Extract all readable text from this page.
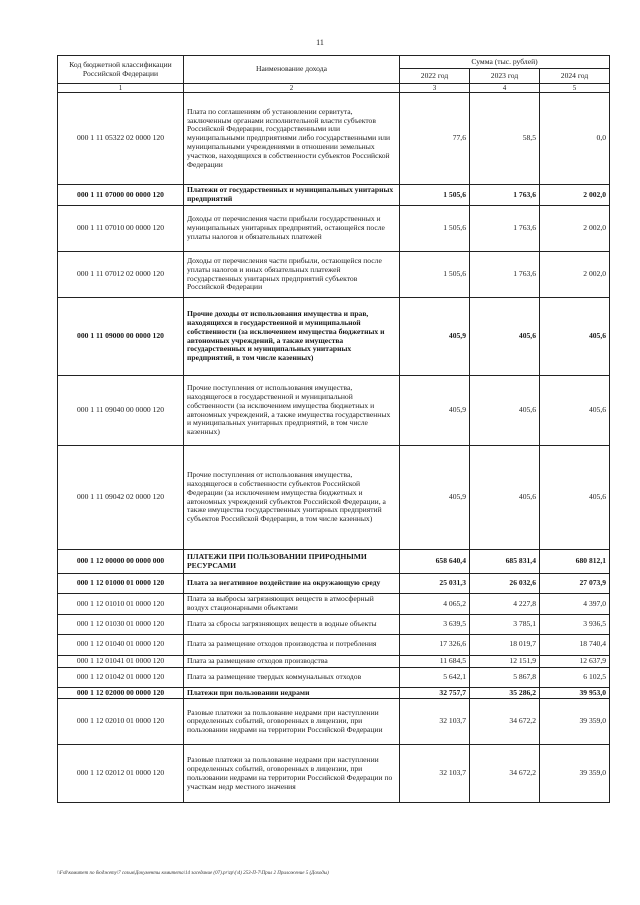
11
Код бюджетной классификации Российской Федерации	Наименование дохода	Сумма (тыс. рублей)		
		2022 год	2023 год	2024 год
1	2	3	4	5
000 1 11 05322 02 0000 120	Плата по соглашениям об установлении сервитута, заключенным органами исполнительной власти субъектов Российской Федерации, государственными или муниципальными предприятиями либо государственными или муниципальными учреждениями в отношении земельных участков, находящихся в собственности субъектов Российской Федерации	77,6	58,5	0,0
000 1 11 07000 00 0000 120	Платежи от государственных и муниципальных унитарных предприятий	1 505,6	1 763,6	2 002,0
000 1 11 07010 00 0000 120	Доходы от перечисления части прибыли государственных и муниципальных унитарных предприятий, остающейся после уплаты налогов и обязательных платежей	1 505,6	1 763,6	2 002,0
000 1 11 07012 02 0000 120	Доходы от перечисления части прибыли, остающейся после уплаты налогов и иных обязательных платежей государственных унитарных предприятий субъектов Российской Федерации	1 505,6	1 763,6	2 002,0
000 1 11 09000 00 0000 120	Прочие доходы от использования имущества и прав, находящихся в государственной и муниципальной собственности (за исключением имущества бюджетных и автономных учреждений, а также имущества государственных и муниципальных унитарных предприятий, в том числе казенных)	405,9	405,6	405,6
000 1 11 09040 00 0000 120	Прочие поступления от использования имущества, находящегося в государственной и муниципальной собственности (за исключением имущества бюджетных и автономных учреждений, а также имущества государственных и муниципальных унитарных предприятий, в том числе казенных)	405,9	405,6	405,6
000 1 11 09042 02 0000 120	Прочие поступления от использования имущества, находящегося в собственности субъектов Российской Федерации (за исключением имущества бюджетных и автономных учреждений субъектов Российской Федерации, а также имущества государственных унитарных предприятий субъектов Российской Федерации, в том числе казенных)	405,9	405,6	405,6
000 1 12 00000 00 0000 000	ПЛАТЕЖИ ПРИ ПОЛЬЗОВАНИИ ПРИРОДНЫМИ РЕСУРСАМИ	658 640,4	685 831,4	680 812,1
000 1 12 01000 01 0000 120	Плата за негативное воздействие на окружающую среду	25 031,3	26 032,6	27 073,9
000 1 12 01010 01 0000 120	Плата за выбросы загрязняющих веществ в атмосферный воздух стационарными объектами	4 065,2	4 227,8	4 397,0
000 1 12 01030 01 0000 120	Плата за сбросы загрязняющих веществ в водные объекты	3 639,5	3 785,1	3 936,5
000 1 12 01040 01 0000 120	Плата за размещение отходов производства и потребления	17 326,6	18 019,7	18 740,4
000 1 12 01041 01 0000 120	Плата за размещение отходов производства	11 684,5	12 151,9	12 637,9
000 1 12 01042 01 0000 120	Плата за размещение твердых коммунальных отходов	5 642,1	5 867,8	6 102,5
000 1 12 02000 00 0000 120	Платежи при пользовании недрами	32 757,7	35 286,2	39 953,0
000 1 12 02010 01 0000 120	Разовые платежи за пользование недрами при наступлении определенных событий, оговоренных в лицензии, при пользовании недрами на территории Российской Федерации	32 103,7	34 672,2	39 359,0
000 1 12 02012 01 0000 120	Разовые платежи за пользование недрами при наступлении определенных событий, оговоренных в лицензии, при пользовании недрами на территории Российской Федерации по участкам недр местного значения	32 103,7	34 672,2	39 359,0
\\Fs0\комитет по бюджету\7 созыв\Документы комитета\14 заседание (07).pr\zp\(\4) 253-П-7\Прил 2 Приложение 5 (Доходы)
